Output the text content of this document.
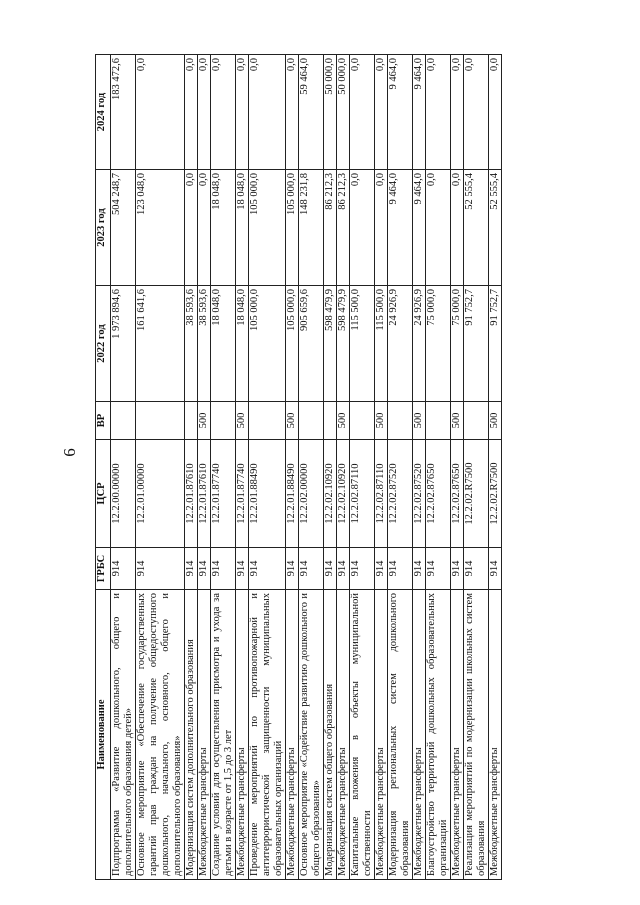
6
Наименование	ГРБС	ЦСР	ВР	2022 год	2023 год	2024 год
Подпрограмма «Развитие дошкольного, общего и дополнительного образования детей»	914	12.2.00.00000		1 973 894,6	504 248,7	183 472,6
Основное мероприятие «Обеспечение государственных гарантий прав граждан на получение общедоступного дошкольного, начального, основного, общего и дополнительного образования»	914	12.2.01.00000		161 641,6	123 048,0	0,0
Модернизация систем дополнительного образования	914	12.2.01.87610		38 593,6	0,0	0,0
Межбюджетные трансферты	914	12.2.01.87610	500	38 593,6	0,0	0,0
Создание условий для осуществления присмотра и ухода за детьми в возрасте от 1,5 до 3 лет	914	12.2.01.87740		18 048,0	18 048,0	0,0
Межбюджетные трансферты	914	12.2.01.87740	500	18 048,0	18 048,0	0,0
Проведение мероприятий по противопожарной и антитеррористической защищенности муниципальных образовательных организаций	914	12.2.01.88490		105 000,0	105 000,0	0,0
Межбюджетные трансферты	914	12.2.01.88490	500	105 000,0	105 000,0	0,0
Основное мероприятие «Содействие развитию дошкольного и общего образования»	914	12.2.02.00000		905 659,6	148 231,8	59 464,0
Модернизация систем общего образования	914	12.2.02.10920		598 479,9	86 212,3	50 000,0
Межбюджетные трансферты	914	12.2.02.10920	500	598 479,9	86 212,3	50 000,0
Капитальные вложения в объекты муниципальной собственности	914	12.2.02.87110		115 500,0	0,0	0,0
Межбюджетные трансферты	914	12.2.02.87110	500	115 500,0	0,0	0,0
Модернизация региональных систем дошкольного образования	914	12.2.02.87520		24 926,9	9 464,0	9 464,0
Межбюджетные трансферты	914	12.2.02.87520	500	24 926,9	9 464,0	9 464,0
Благоустройство территорий дошкольных образовательных организаций	914	12.2.02.87650		75 000,0	0,0	0,0
Межбюджетные трансферты	914	12.2.02.87650	500	75 000,0	0,0	0,0
Реализация мероприятий по модернизации школьных систем образования	914	12.2.02.R7500		91 752,7	52 555,4	0,0
Межбюджетные трансферты	914	12.2.02.R7500	500	91 752,7	52 555,4	0,0
